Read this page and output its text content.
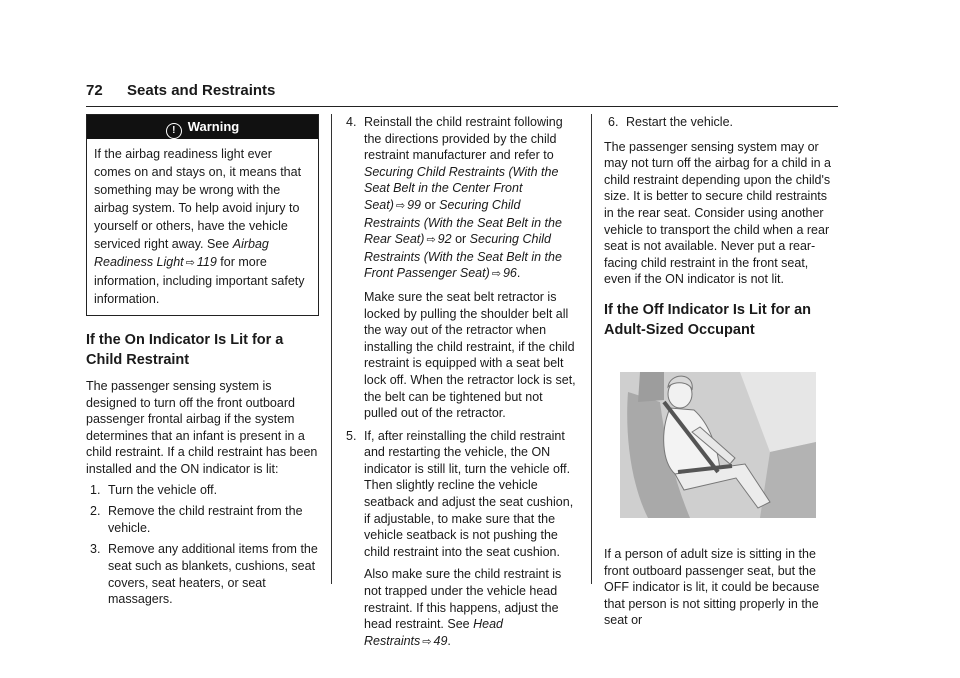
72 Seats and Restraints
! Warning
If the airbag readiness light ever comes on and stays on, it means that something may be wrong with the airbag system. To help avoid injury to yourself or others, have the vehicle serviced right away. See Airbag Readiness Light ⇨ 119 for more information, including important safety information.
If the On Indicator Is Lit for a Child Restraint

The passenger sensing system is designed to turn off the front outboard passenger frontal airbag if the system determines that an infant is present in a child restraint. If a child restraint has been installed and the ON indicator is lit:

1. Turn the vehicle off.
2. Remove the child restraint from the vehicle.
3. Remove any additional items from the seat such as blankets, cushions, seat covers, seat heaters, or seat massagers.
4. Reinstall the child restraint following the directions provided by the child restraint manufacturer and refer to Securing Child Restraints (With the Seat Belt in the Center Front Seat) ⇨ 99 or Securing Child Restraints (With the Seat Belt in the Rear Seat) ⇨ 92 or Securing Child Restraints (With the Seat Belt in the Front Passenger Seat) ⇨ 96.
Make sure the seat belt retractor is locked by pulling the shoulder belt all the way out of the retractor when installing the child restraint, if the child restraint is equipped with a seat belt lock off. When the retractor lock is set, the belt can be tightened but not pulled out of the retractor.
5. If, after reinstalling the child restraint and restarting the vehicle, the ON indicator is still lit, turn the vehicle off. Then slightly recline the vehicle seatback and adjust the seat cushion, if adjustable, to make sure that the vehicle seatback is not pushing the child restraint into the seat cushion.
Also make sure the child restraint is not trapped under the vehicle head restraint. If this happens, adjust the head restraint. See Head Restraints ⇨ 49.
6. Restart the vehicle.

The passenger sensing system may or may not turn off the airbag for a child in a child restraint depending upon the child's size. It is better to secure child restraints in the rear seat. Consider using another vehicle to transport the child when a rear seat is not available. Never put a rear-facing child restraint in the front seat, even if the ON indicator is not lit.

If the Off Indicator Is Lit for an Adult-Sized Occupant

If a person of adult size is sitting in the front outboard passenger seat, but the OFF indicator is lit, it could be because that person is not sitting properly in the seat or
